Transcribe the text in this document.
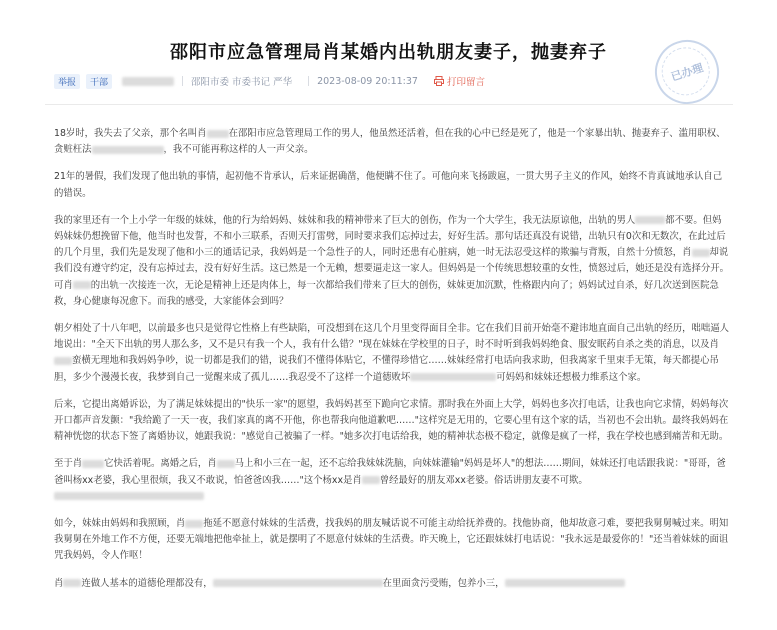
邵阳市应急管理局肖某婚内出轨朋友妻子，抛妻弃子
举报	干部	邵阳市委 市委书记 严华	2023-08-09 20:11:37	打印留言	已办理

18岁时，我失去了父亲，那个名叫肖 在邵阳市应急管理局工作的男人，他虽然还活着，但在我的心中已经是死了，他是一个家暴出轨、抛妻弃子、滥用职权、贪赃枉法	，我不可能再称这样的人一声父亲。

21年的暑假，我们发现了他出轨的事情，起初他不肯承认，后来证据确凿，他便瞒不住了。可他向来飞扬跋扈，一贯大男子主义的作风，始终不肯真诚地承认自己的错误。

我的家里还有一个上小学一年级的妹妹，他的行为给妈妈、妹妹和我的精神带来了巨大的创伤，作为一个大学生，我无法原谅他，出轨的男人	都不要。但妈妈妹妹仍想挽留下他，他当时也发誓，不和小三联系，否则天打雷劈，同时要求我们忘掉过去，好好生活。那句话还真没有说错，出轨只有0次和无数次，在此过后的几个月里，我们先是发现了他和小三的通话记录，我妈妈是一个急性子的人，同时还患有心脏病，她一时无法忍受这样的欺骗与背叛，自然十分愤怒，肖 却说我们没有遵守约定，没有忘掉过去，没有好好生活。这已然是一个无赖，想要逼走这一家人。但妈妈是一个传统思想较重的女性，愤怒过后，她还是没有选择分开。可肖 的出轨一次接连一次，无论是精神上还是肉体上，每一次都给我们带来了巨大的创伤，妹妹更加沉默，性格跟内向了；妈妈试过自杀，好几次送到医院急救，身心健康每况愈下。而我的感受，大家能体会到吗？

朝夕相处了十八年吧，以前最多也只是觉得它性格上有些缺陷，可没想到在这几个月里变得面目全非。它在我们目前开始毫不避讳地直面自己出轨的经历，咄咄逼人地说出："全天下出轨的男人那么多，又不是只有我一个人，我有什么错？"现在妹妹在学校里的日子，时不时听到我妈妈绝食、服安眠药自杀之类的消息，以及肖蛮横无理地和我妈妈争吵，说一切都是我们的错，说我们不懂得体贴它，不懂得珍惜它……妹妹经常打电话向我求助，但我离家千里束手无策，每天都提心吊胆，多少个漫漫长夜，我梦到自己一觉醒来成了孤儿……我忍受不了这样一个道德败坏	可妈妈和妹妹还想极力维系这个家。

后来，它提出离婚诉讼，为了满足妹妹提出的"快乐一家"的愿望，我妈妈甚至下跪向它求情。那时我在外面上大学，妈妈也多次打电话，让我也向它求情，妈妈每次开口都声音发颤："我给跪了一天一夜，我们家真的离不开他，你也帮我向他道歉吧……"这样究是无用的，它要心里有这个家的话，当初也不会出轨。最终我妈妈在精神恍惚的状态下签了离婚协议，她跟我说："感觉自己被骗了一样。"她多次打电话给我，她的精神状态极不稳定，就像是疯了一样，我在学校也感到痛苦和无助。

至于肖 它快活着呢。离婚之后，肖 马上和小三在一起，还不忘给我妹妹洗脑，向妹妹灌输"妈妈是坏人"的想法……期间，妹妹还打电话跟我说："哥哥，爸爸叫杨xx老婆，我心里很烦，我又不敢说，怕爸爸凶我……"这个杨xx是肖 曾经最好的朋友邓xx老婆。俗话讲朋友妻不可欺。

如今，妹妹由妈妈和我照顾，肖 拖延不愿意付妹妹的生活费，找我妈的朋友喊话说不可能主动给抚养费的。找他协商，他却故意刁难，要把我舅舅喊过来。明知我舅舅在外地工作不方便，还要无端地把他牵扯上，就是摆明了不愿意付妹妹的生活费。昨天晚上，它还跟妹妹打电话说："我永远是最爱你的！"还当着妹妹的面诅咒我妈妈，令人作呕！

肖 连做人基本的道德伦理都没有，	在里面贪污受贿，包养小三，
